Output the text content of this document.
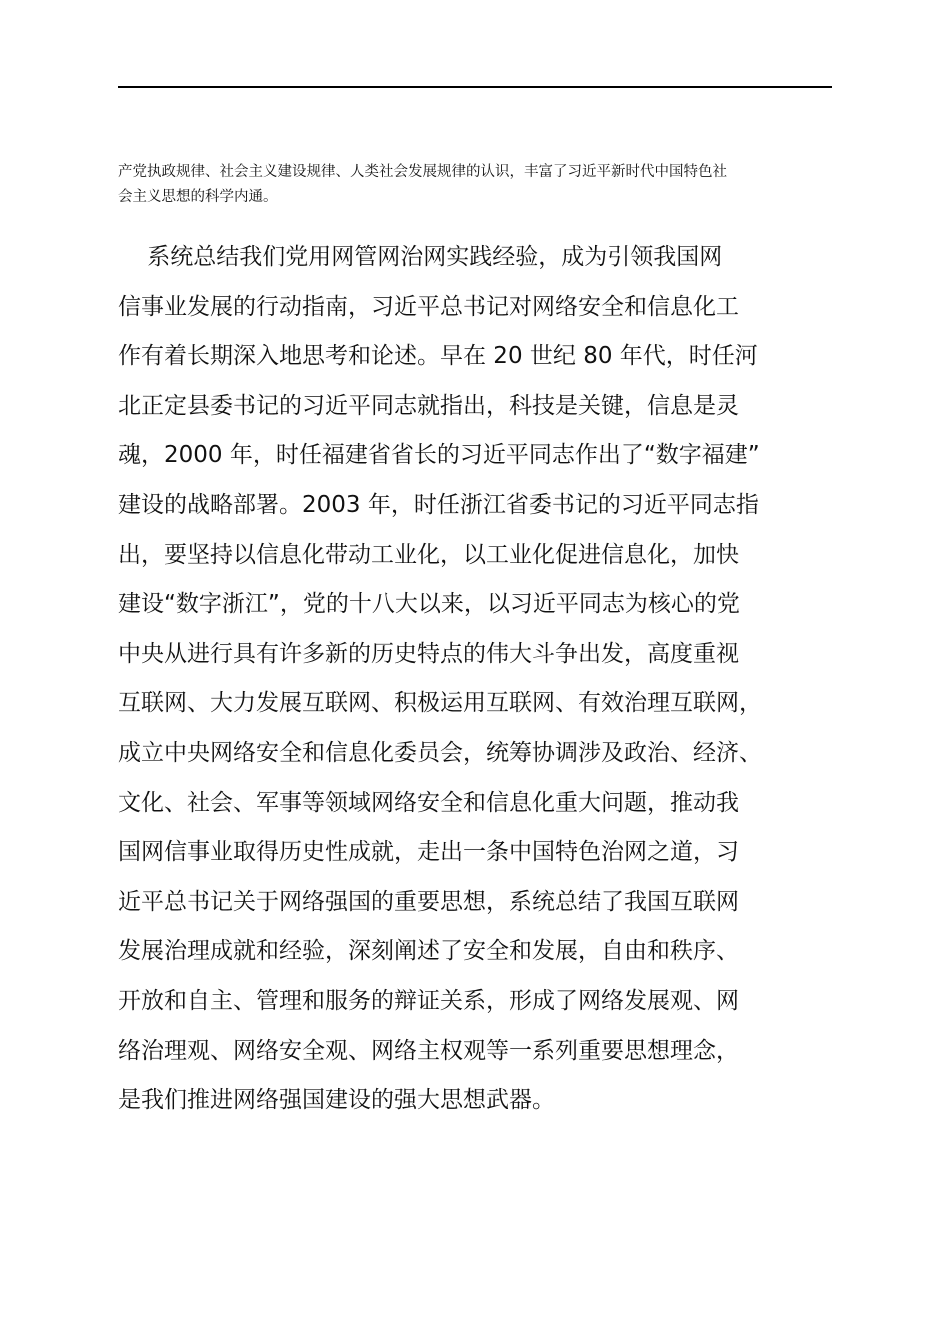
产党执政规律、社会主义建设规律、人类社会发展规律的认识，丰富了习近平新时代中国特色社
会主义思想的科学内通。

系统总结我们党用网管网治网实践经验，成为引领我国网
信事业发展的行动指南，习近平总书记对网络安全和信息化工
作有着长期深入地思考和论述。早在 20 世纪 80 年代，时任河
北正定县委书记的习近平同志就指出，科技是关键，信息是灵
魂，2000 年，时任福建省省长的习近平同志作出了“数字福建”
建设的战略部署。2003 年，时任浙江省委书记的习近平同志指
出，要坚持以信息化带动工业化，以工业化促进信息化，加快
建设“数字浙江”，党的十八大以来，以习近平同志为核心的党
中央从进行具有许多新的历史特点的伟大斗争出发，高度重视
互联网、大力发展互联网、积极运用互联网、有效治理互联网，
成立中央网络安全和信息化委员会，统筹协调涉及政治、经济、
文化、社会、军事等领域网络安全和信息化重大问题，推动我
国网信事业取得历史性成就，走出一条中国特色治网之道，习
近平总书记关于网络强国的重要思想，系统总结了我国互联网
发展治理成就和经验，深刻阐述了安全和发展，自由和秩序、
开放和自主、管理和服务的辩证关系，形成了网络发展观、网
络治理观、网络安全观、网络主权观等一系列重要思想理念，
是我们推进网络强国建设的强大思想武器。
